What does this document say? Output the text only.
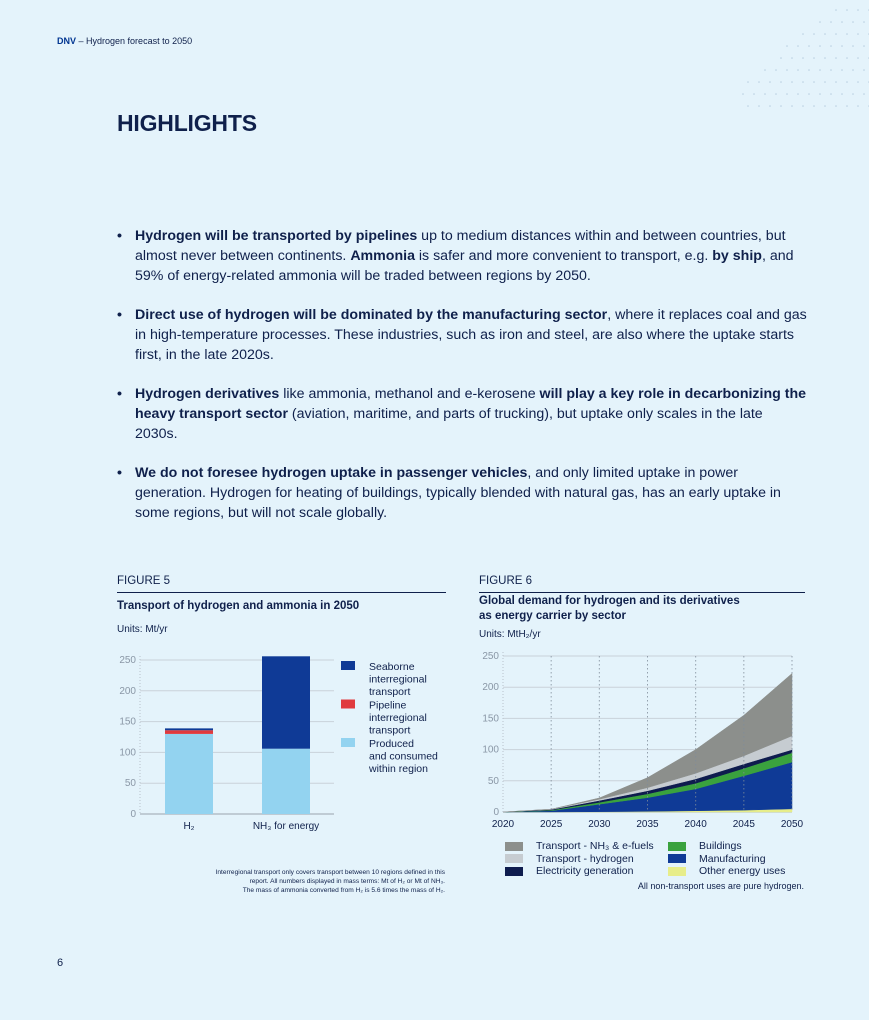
DNV – Hydrogen forecast to 2050
HIGHLIGHTS
• Hydrogen will be transported by pipelines up to medium distances within and between countries, but almost never between continents. Ammonia is safer and more convenient to transport, e.g. by ship, and 59% of energy-related ammonia will be traded between regions by 2050.
• Direct use of hydrogen will be dominated by the manufacturing sector, where it replaces coal and gas in high-temperature processes. These industries, such as iron and steel, are also where the uptake starts first, in the late 2020s.
• Hydrogen derivatives like ammonia, methanol and e-kerosene will play a key role in decarbonizing the heavy transport sector (aviation, maritime, and parts of trucking), but uptake only scales in the late 2030s.
• We do not foresee hydrogen uptake in passenger vehicles, and only limited uptake in power generation. Hydrogen for heating of buildings, typically blended with natural gas, has an early uptake in some regions, but will not scale globally.
FIGURE 5
Transport of hydrogen and ammonia in 2050
Units: Mt/yr
0
50
100
150
200
250
H₂	NH₃ for energy
Seaborne
interregional
transport
Pipeline
interregional
transport
Produced
and consumed
within region
Interregional transport only covers transport between 10 regions defined in this
report. All numbers displayed in mass terms: Mt of H₂ or Mt of NH₃.
The mass of ammonia converted from H₂ is 5.6 times the mass of H₂.
FIGURE 6
Global demand for hydrogen and its derivatives
as energy carrier by sector
Units: MtH₂/yr
0
50
100
150
200
250
2020	2025	2030	2035	2040	2045	2050
Transport - NH₃ & e-fuels	Buildings
Transport - hydrogen	Manufacturing
Electricity generation	Other energy uses
All non-transport uses are pure hydrogen.
6
